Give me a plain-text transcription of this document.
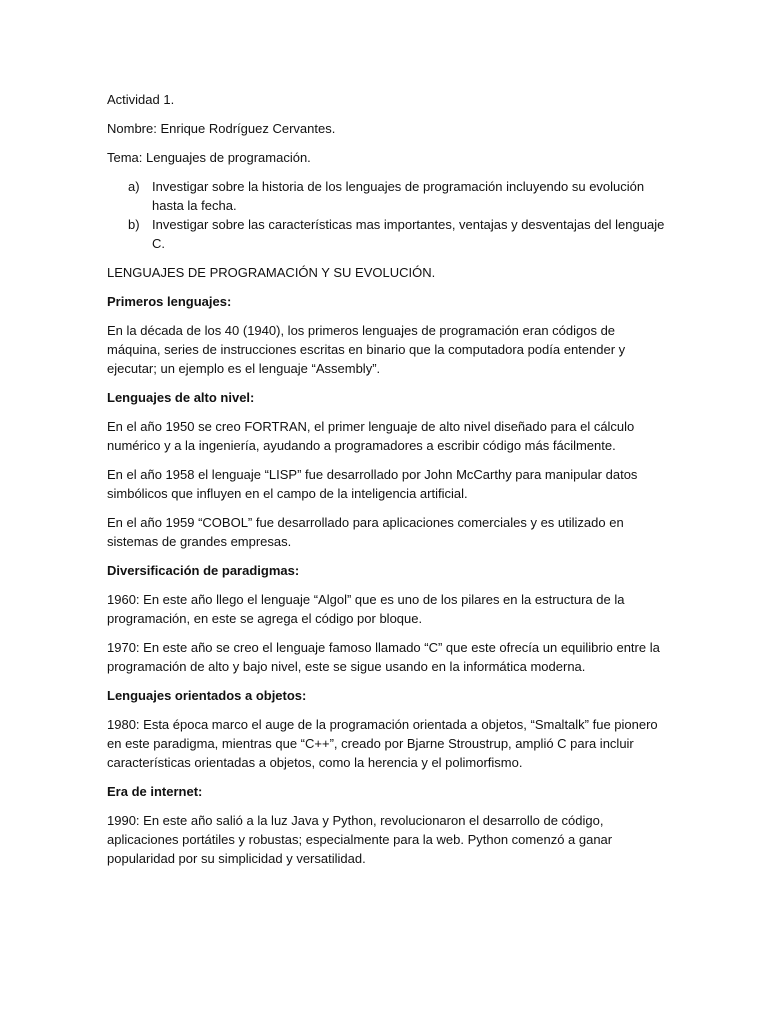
Actividad 1.

Nombre: Enrique Rodríguez Cervantes.

Tema: Lenguajes de programación.

a) Investigar sobre la historia de los lenguajes de programación incluyendo su evolución hasta la fecha.
b) Investigar sobre las características mas importantes, ventajas y desventajas del lenguaje C.

LENGUAJES DE PROGRAMACIÓN Y SU EVOLUCIÓN.

Primeros lenguajes:

En la década de los 40 (1940), los primeros lenguajes de programación eran códigos de máquina, series de instrucciones escritas en binario que la computadora podía entender y ejecutar; un ejemplo es el lenguaje “Assembly”.

Lenguajes de alto nivel:

En el año 1950 se creo FORTRAN, el primer lenguaje de alto nivel diseñado para el cálculo numérico y a la ingeniería, ayudando a programadores a escribir código más fácilmente.

En el año 1958 el lenguaje “LISP” fue desarrollado por John McCarthy para manipular datos simbólicos que influyen en el campo de la inteligencia artificial.

En el año 1959 “COBOL” fue desarrollado para aplicaciones comerciales y es utilizado en sistemas de grandes empresas.

Diversificación de paradigmas:

1960: En este año llego el lenguaje “Algol” que es uno de los pilares en la estructura de la programación, en este se agrega el código por bloque.

1970: En este año se creo el lenguaje famoso llamado “C” que este ofrecía un equilibrio entre la programación de alto y bajo nivel, este se sigue usando en la informática moderna.

Lenguajes orientados a objetos:

1980: Esta época marco el auge de la programación orientada a objetos, “Smaltalk” fue pionero en este paradigma, mientras que “C++”, creado por Bjarne Stroustrup, amplió C para incluir características orientadas a objetos, como la herencia y el polimorfismo.

Era de internet:

1990: En este año salió a la luz Java y Python, revolucionaron el desarrollo de código, aplicaciones portátiles y robustas; especialmente para la web. Python comenzó a ganar popularidad por su simplicidad y versatilidad.
